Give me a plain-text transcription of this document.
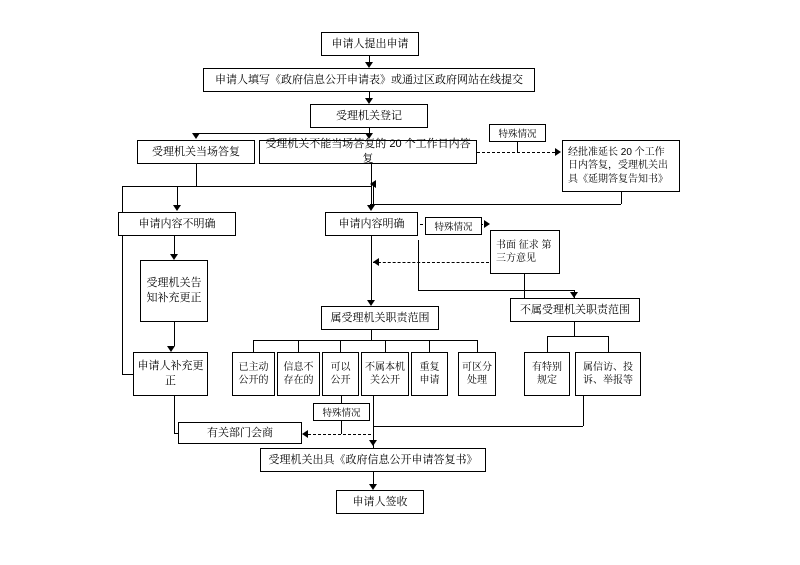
申请人提出申请
申请人填写《政府信息公开申请表》或通过区政府网站在线提交
受理机关登记
受理机关当场答复
受理机关不能当场答复的 20 个工作日内答复
特殊情况
经批准延长 20 个工作日内答复，受理机关出具《延期答复告知书》
申请内容不明确	申请内容明确	特殊情况
书面 征求 第三方意见
受理机关告知补充更正
申请人补充更正
属受理机关职责范围
不属受理机关职责范围
已主动公开的
信息不存在的
可以公开
不属本机关公开
重复申请
可区分处理
有特别规定
属信访、投诉、举报等
特殊情况
有关部门会商
受理机关出具《政府信息公开申请答复书》
申请人签收
